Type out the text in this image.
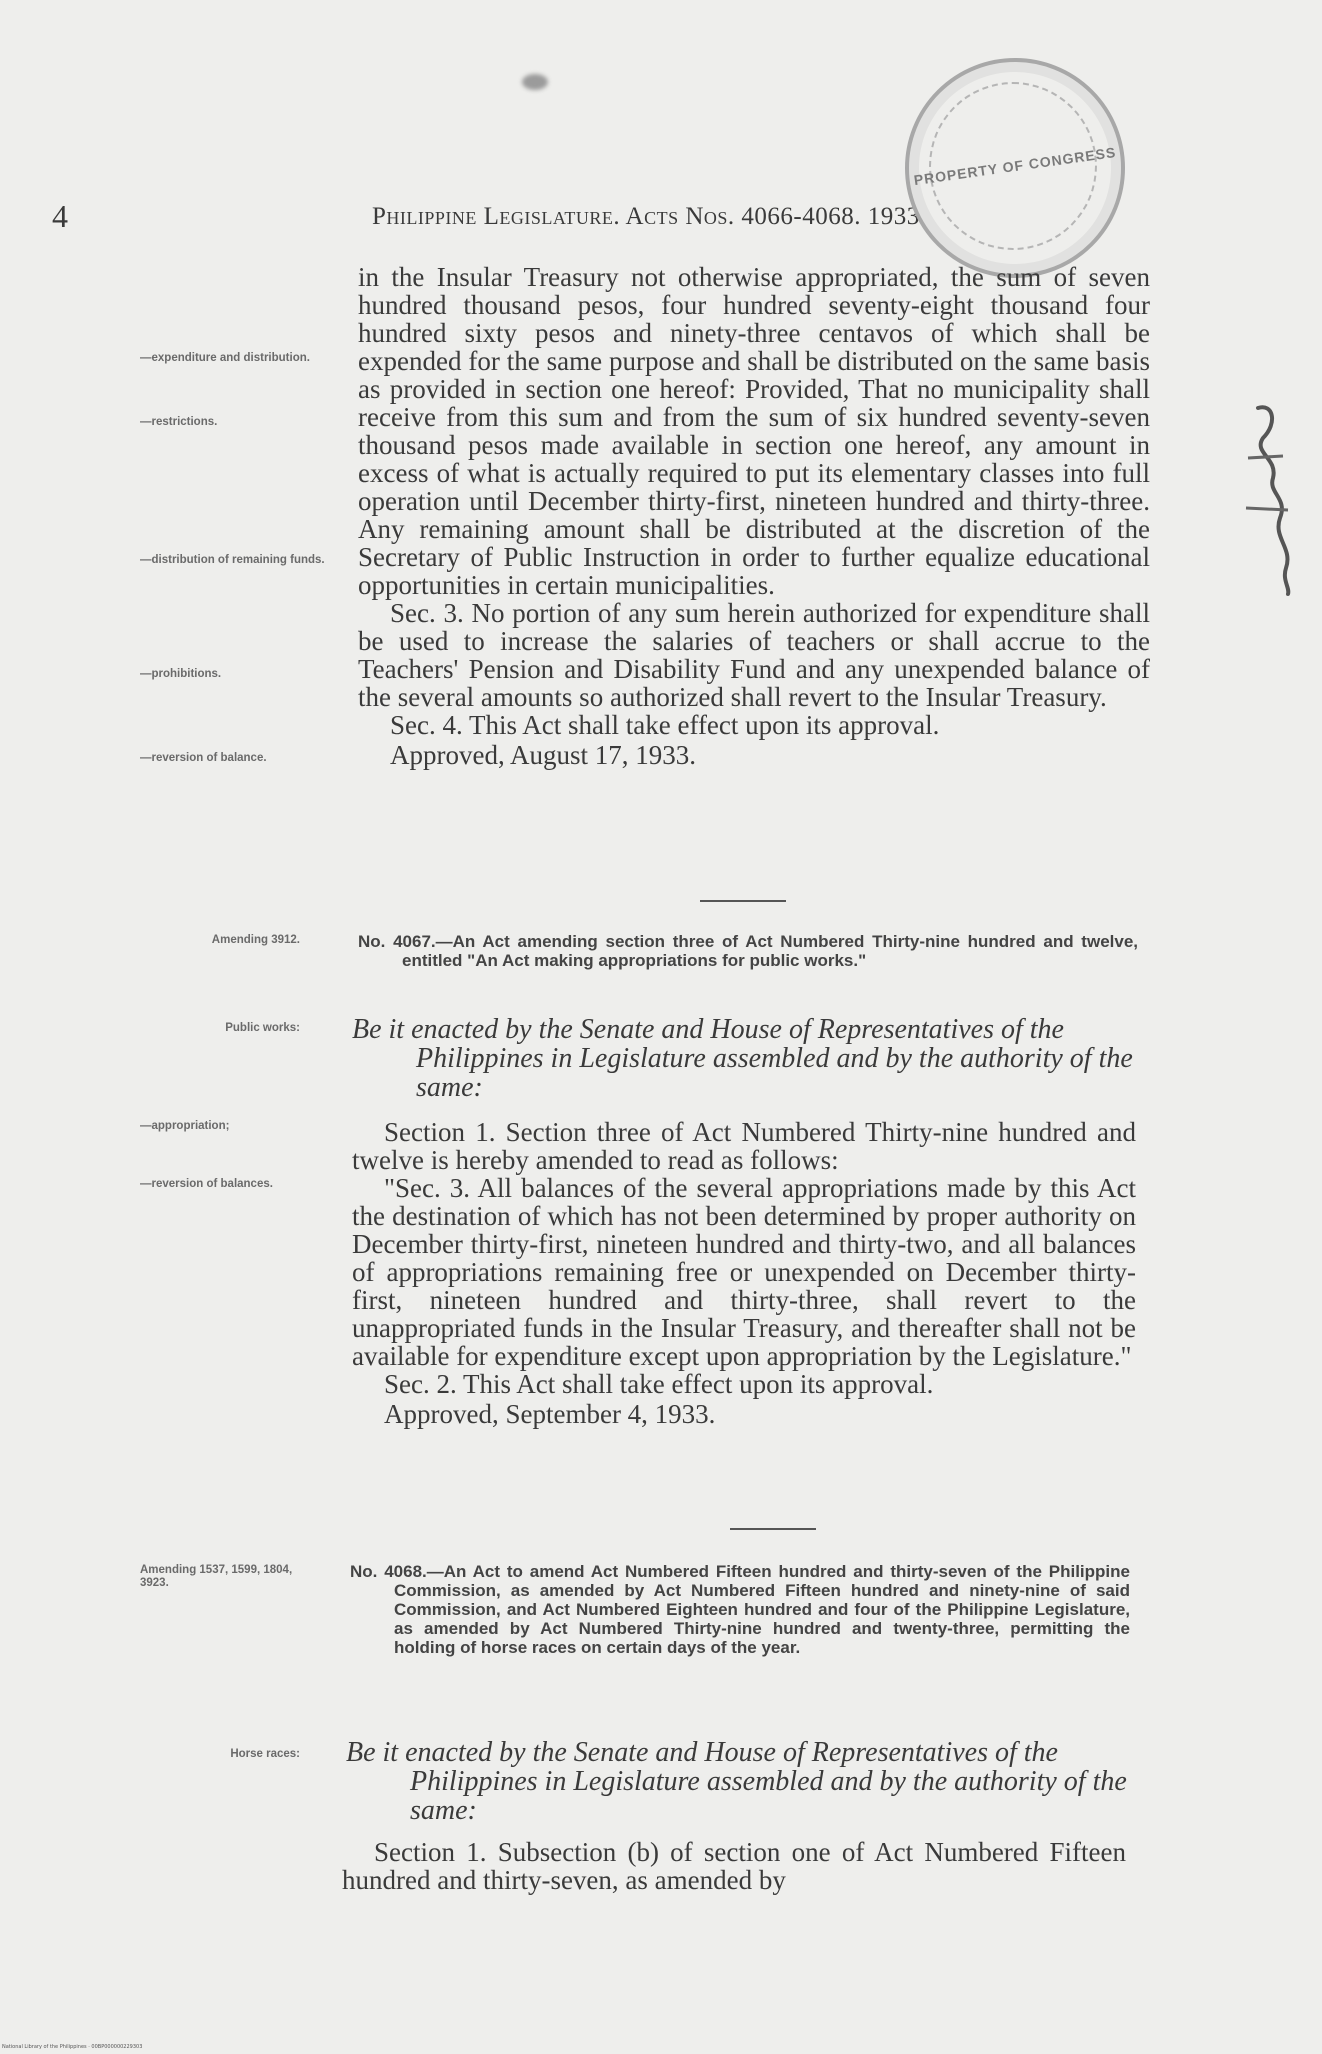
4	Philippine Legislature. Acts Nos. 4066-4068. 1933
PROPERTY OF CONGRESS

in the Insular Treasury not otherwise appropriated, the sum of seven hundred thousand pesos, four hundred seventy-eight thousand four hundred sixty pesos and ninety-three centavos of which shall be expended for the same purpose and shall be distributed on the same basis as provided in section one hereof: Provided, That no municipality shall receive from this sum and from the sum of six hundred seventy-seven thousand pesos made available in section one hereof, any amount in excess of what is actually required to put its elementary classes into full operation until December thirty-first, nineteen hundred and thirty-three. Any remaining amount shall be distributed at the discretion of the Secretary of Public Instruction in order to further equalize educational opportunities in certain municipalities.

Sec. 3. No portion of any sum herein authorized for expenditure shall be used to increase the salaries of teachers or shall accrue to the Teachers' Pension and Disability Fund and any unexpended balance of the several amounts so authorized shall revert to the Insular Treasury.

Sec. 4. This Act shall take effect upon its approval.

Approved, August 17, 1933.

—expenditure and distribution.
—restrictions.
—distribution of remaining funds.
—prohibitions.
—reversion of balance.
Amending 3912.	No. 4067.—An Act amending section three of Act Numbered Thirty-nine hundred and twelve, entitled "An Act making appropriations for public works."
Public works: Be it enacted by the Senate and House of Representatives of the Philippines in Legislature assembled and by the authority of the same:
—appropriation;
—reversion of balances.

Section 1. Section three of Act Numbered Thirty-nine hundred and twelve is hereby amended to read as follows:

"Sec. 3. All balances of the several appropriations made by this Act the destination of which has not been determined by proper authority on December thirty-first, nineteen hundred and thirty-two, and all balances of appropriations remaining free or unexpended on December thirty-first, nineteen hundred and thirty-three, shall revert to the unappropriated funds in the Insular Treasury, and thereafter shall not be available for expenditure except upon appropriation by the Legislature."

Sec. 2. This Act shall take effect upon its approval.

Approved, September 4, 1933.

Amending 1537, 1599, 1804, 3923.
No. 4068.—An Act to amend Act Numbered Fifteen hundred and thirty-seven of the Philippine Commission, as amended by Act Numbered Fifteen hundred and ninety-nine of said Commission, and Act Numbered Eighteen hundred and four of the Philippine Legislature, as amended by Act Numbered Thirty-nine hundred and twenty-three, permitting the holding of horse races on certain days of the year.
Horse races: Be it enacted by the Senate and House of Representatives of the Philippines in Legislature assembled and by the authority of the same:

Section 1. Subsection (b) of section one of Act Numbered Fifteen hundred and thirty-seven, as amended by

National Library of the Philippines · 00BP000000229303
